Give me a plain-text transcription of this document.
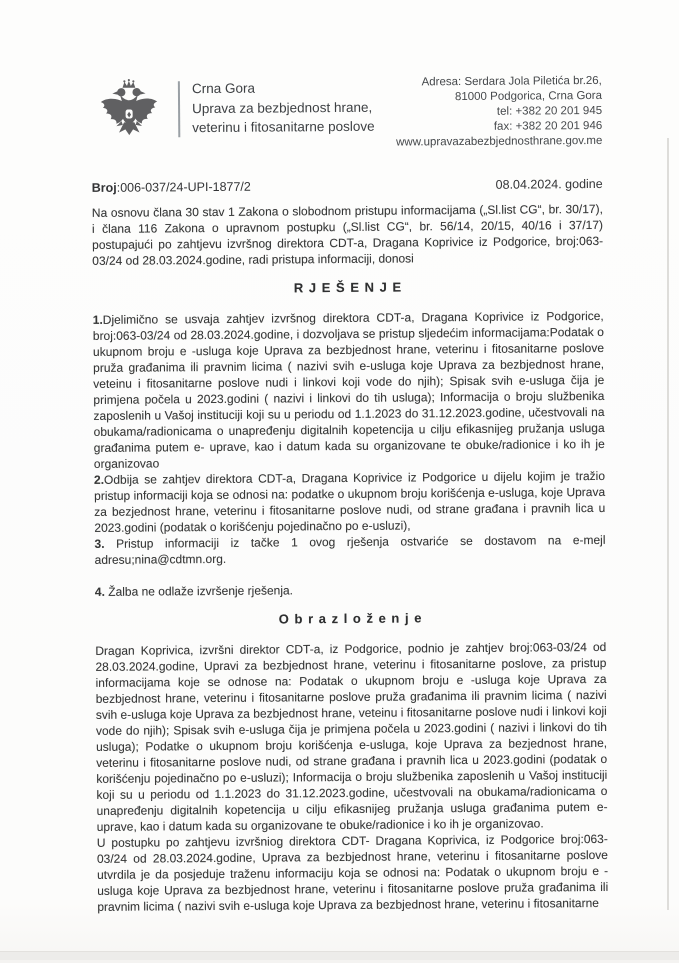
Crna Gora
Uprava za bezbjednost hrane,
veterinu i fitosanitarne poslove
Adresa: Serdara Jola Piletića br.26,
81000 Podgorica, Crna Gora
tel: +382 20 201 945
fax: +382 20 201 946
www.upravazabezbjednosthrane.gov.me
Broj:006-037/24-UPI-1877/2	08.04.2024. godine

Na osnovu člana 30 stav 1 Zakona o slobodnom pristupu informacijama („Sl.list CG“, br. 30/17), i člana 116 Zakona o upravnom postupku („Sl.list CG“, br. 56/14, 20/15, 40/16 i 37/17) postupajući po zahtjevu izvršnog direktora CDT-a, Dragana Koprivice iz Podgorice, broj:063-03/24 od 28.03.2024.godine, radi pristupa informaciji, donosi

R J E Š E N J E

1.Djelimično se usvaja zahtjev izvršnog direktora CDT-a, Dragana Koprivice iz Podgorice, broj:063-03/24 od 28.03.2024.godine, i dozvoljava se pristup sljedećim informacijama:Podatak o ukupnom broju e -usluga koje Uprava za bezbjednost hrane, veterinu i fitosanitarne poslove pruža građanima ili pravnim licima ( nazivi svih e-usluga koje Uprava za bezbjednost hrane, veteinu i fitosanitarne poslove nudi i linkovi koji vode do njih); Spisak svih e-usluga čija je primjena počela u 2023.godini ( nazivi i linkovi do tih usluga); Informacija o broju službenika zaposlenih u Vašoj instituciji koji su u periodu od 1.1.2023 do 31.12.2023.godine, učestvovali na obukama/radionicama o unapređenju digitalnih kopetencija u cilju efikasnijeg pružanja usluga građanima putem e- uprave, kao i datum kada su organizovane te obuke/radionice i ko ih je organizovao

2.Odbija se zahtjev direktora CDT-a, Dragana Koprivice iz Podgorice u dijelu kojim je tražio pristup informaciji koja se odnosi na: podatke o ukupnom broju korišćenja e-usluga, koje Uprava za bezjednost hrane, veterinu i fitosanitarne poslove nudi, od strane građana i pravnih lica u 2023.godini (podatak o korišćenju pojedinačno po e-usluzi),

3. Pristup informaciji iz tačke 1 ovog rješenja ostvariće se dostavom na e-mejl adresu;nina@cdtmn.org.

4. Žalba ne odlaže izvršenje rješenja.

O b r a z l o ž e n j e

Dragan Koprivica, izvršni direktor CDT-a, iz Podgorice, podnio je zahtjev broj:063-03/24 od 28.03.2024.godine, Upravi za bezbjednost hrane, veterinu i fitosanitarne poslove, za pristup informacijama koje se odnose na: Podatak o ukupnom broju e -usluga koje Uprava za bezbjednost hrane, veterinu i fitosanitarne poslove pruža građanima ili pravnim licima ( nazivi svih e-usluga koje Uprava za bezbjednost hrane, veteinu i fitosanitarne poslove nudi i linkovi koji vode do njih); Spisak svih e-usluga čija je primjena počela u 2023.godini ( nazivi i linkovi do tih usluga); Podatke o ukupnom broju korišćenja e-usluga, koje Uprava za bezjednost hrane, veterinu i fitosanitarne poslove nudi, od strane građana i pravnih lica u 2023.godini (podatak o korišćenju pojedinačno po e-usluzi); Informacija o broju službenika zaposlenih u Vašoj instituciji koji su u periodu od 1.1.2023 do 31.12.2023.godine, učestvovali na obukama/radionicama o unapređenju digitalnih kopetencija u cilju efikasnijeg pružanja usluga građanima putem e- uprave, kao i datum kada su organizovane te obuke/radionice i ko ih je organizovao.

U postupku po zahtjevu izvršniog direktora CDT- Dragana Koprivica, iz Podgorice broj:063-03/24 od 28.03.2024.godine, Uprava za bezbjednost hrane, veterinu i fitosanitarne poslove utvrdila je da posjeduje traženu informaciju koja se odnosi na: Podatak o ukupnom broju e - usluga koje Uprava za bezbjednost hrane, veterinu i fitosanitarne poslove pruža građanima ili pravnim licima ( nazivi svih e-usluga koje Uprava za bezbjednost hrane, veterinu i fitosanitarne
